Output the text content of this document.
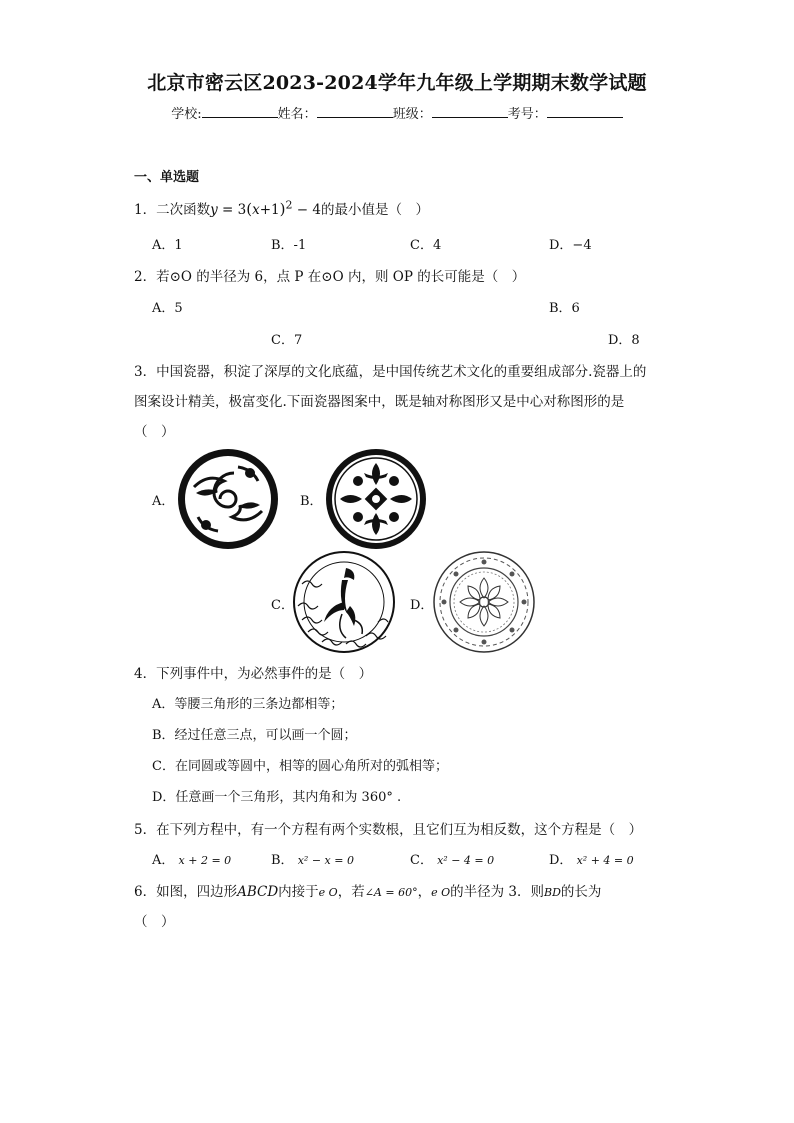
北京市密云区2023-2024学年九年级上学期期末数学试题
学校:	姓名：	班级：	考号：
一、单选题
1．二次函数$y = 3(x+1)^2 - 4$的最小值是（　）
A．1	B．-1	C．4	D．−4
2．若⊙O 的半径为 6，点 P 在⊙O 内，则 OP 的长可能是（　）
A．5	B．6
C．7	D．8
3．中国瓷器，积淀了深厚的文化底蕴，是中国传统艺术文化的重要组成部分.瓷器上的
图案设计精美，极富变化.下面瓷器图案中，既是轴对称图形又是中心对称图形的是
（　）
A．	B．
C．	D．
4．下列事件中，为必然事件的是（　）
A．等腰三角形的三条边都相等；
B．经过任意三点，可以画一个圆；
C．在同圆或等圆中，相等的圆心角所对的弧相等；
D．任意画一个三角形，其内角和为 360° .
5．在下列方程中，有一个方程有两个实数根，且它们互为相反数，这个方程是（　）
A． x + 2 = 0	B． x² − x = 0	C． x² − 4 = 0	D． x² + 4 = 0
6．如图，四边形ABCD内接于e O，若∠A = 60°，e O的半径为 3．则BD的长为
（　）
